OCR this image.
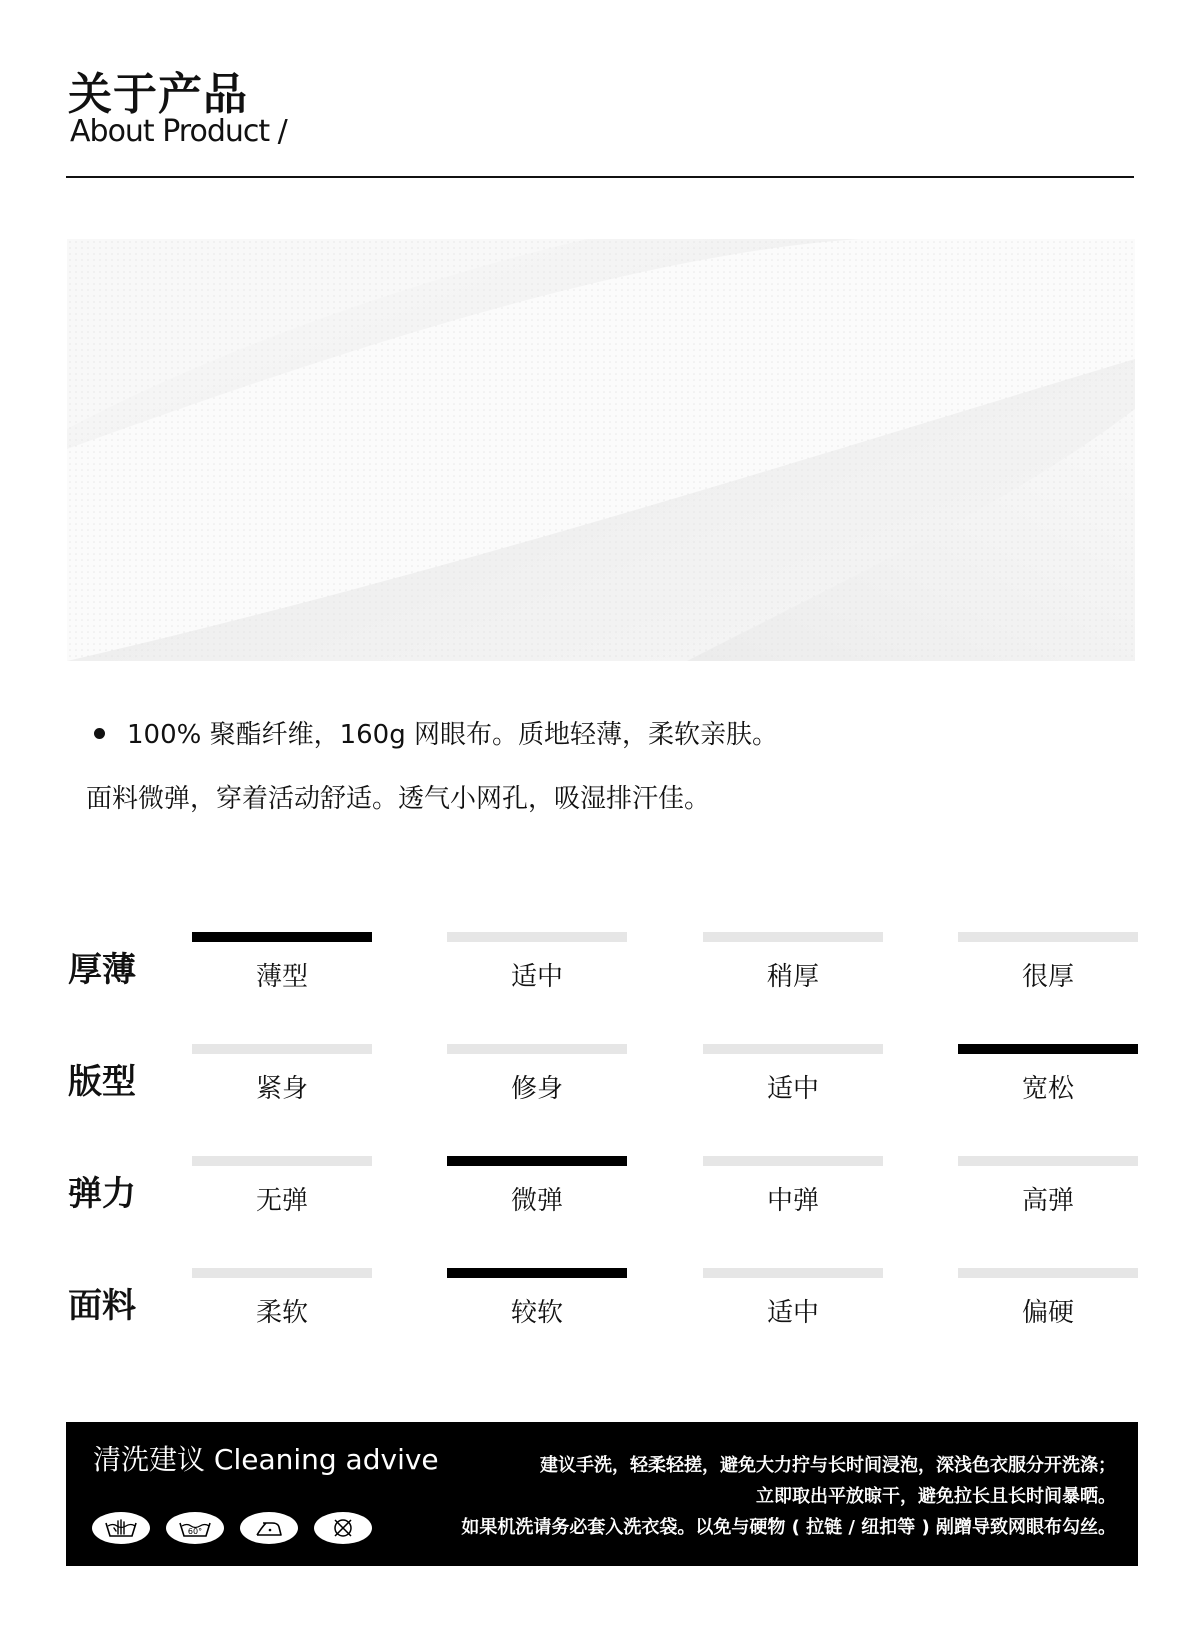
关于产品
About Product /
100% 聚酯纤维，160g 网眼布。质地轻薄，柔软亲肤。
面料微弹，穿着活动舒适。透气小网孔，吸湿排汗佳。
厚薄	薄型	适中	稍厚	很厚
版型	紧身	修身	适中	宽松
弹力	无弹	微弹	中弹	高弹
面料	柔软	较软	适中	偏硬
清洗建议 Cleaning advive	建议手洗，轻柔轻搓，避免大力拧与长时间浸泡，深浅色衣服分开洗涤；
立即取出平放晾干，避免拉长且长时间暴晒。
如果机洗请务必套入洗衣袋。以免与硬物 ( 拉链 / 纽扣等 ) 剐蹭导致网眼布勾丝。
60°
